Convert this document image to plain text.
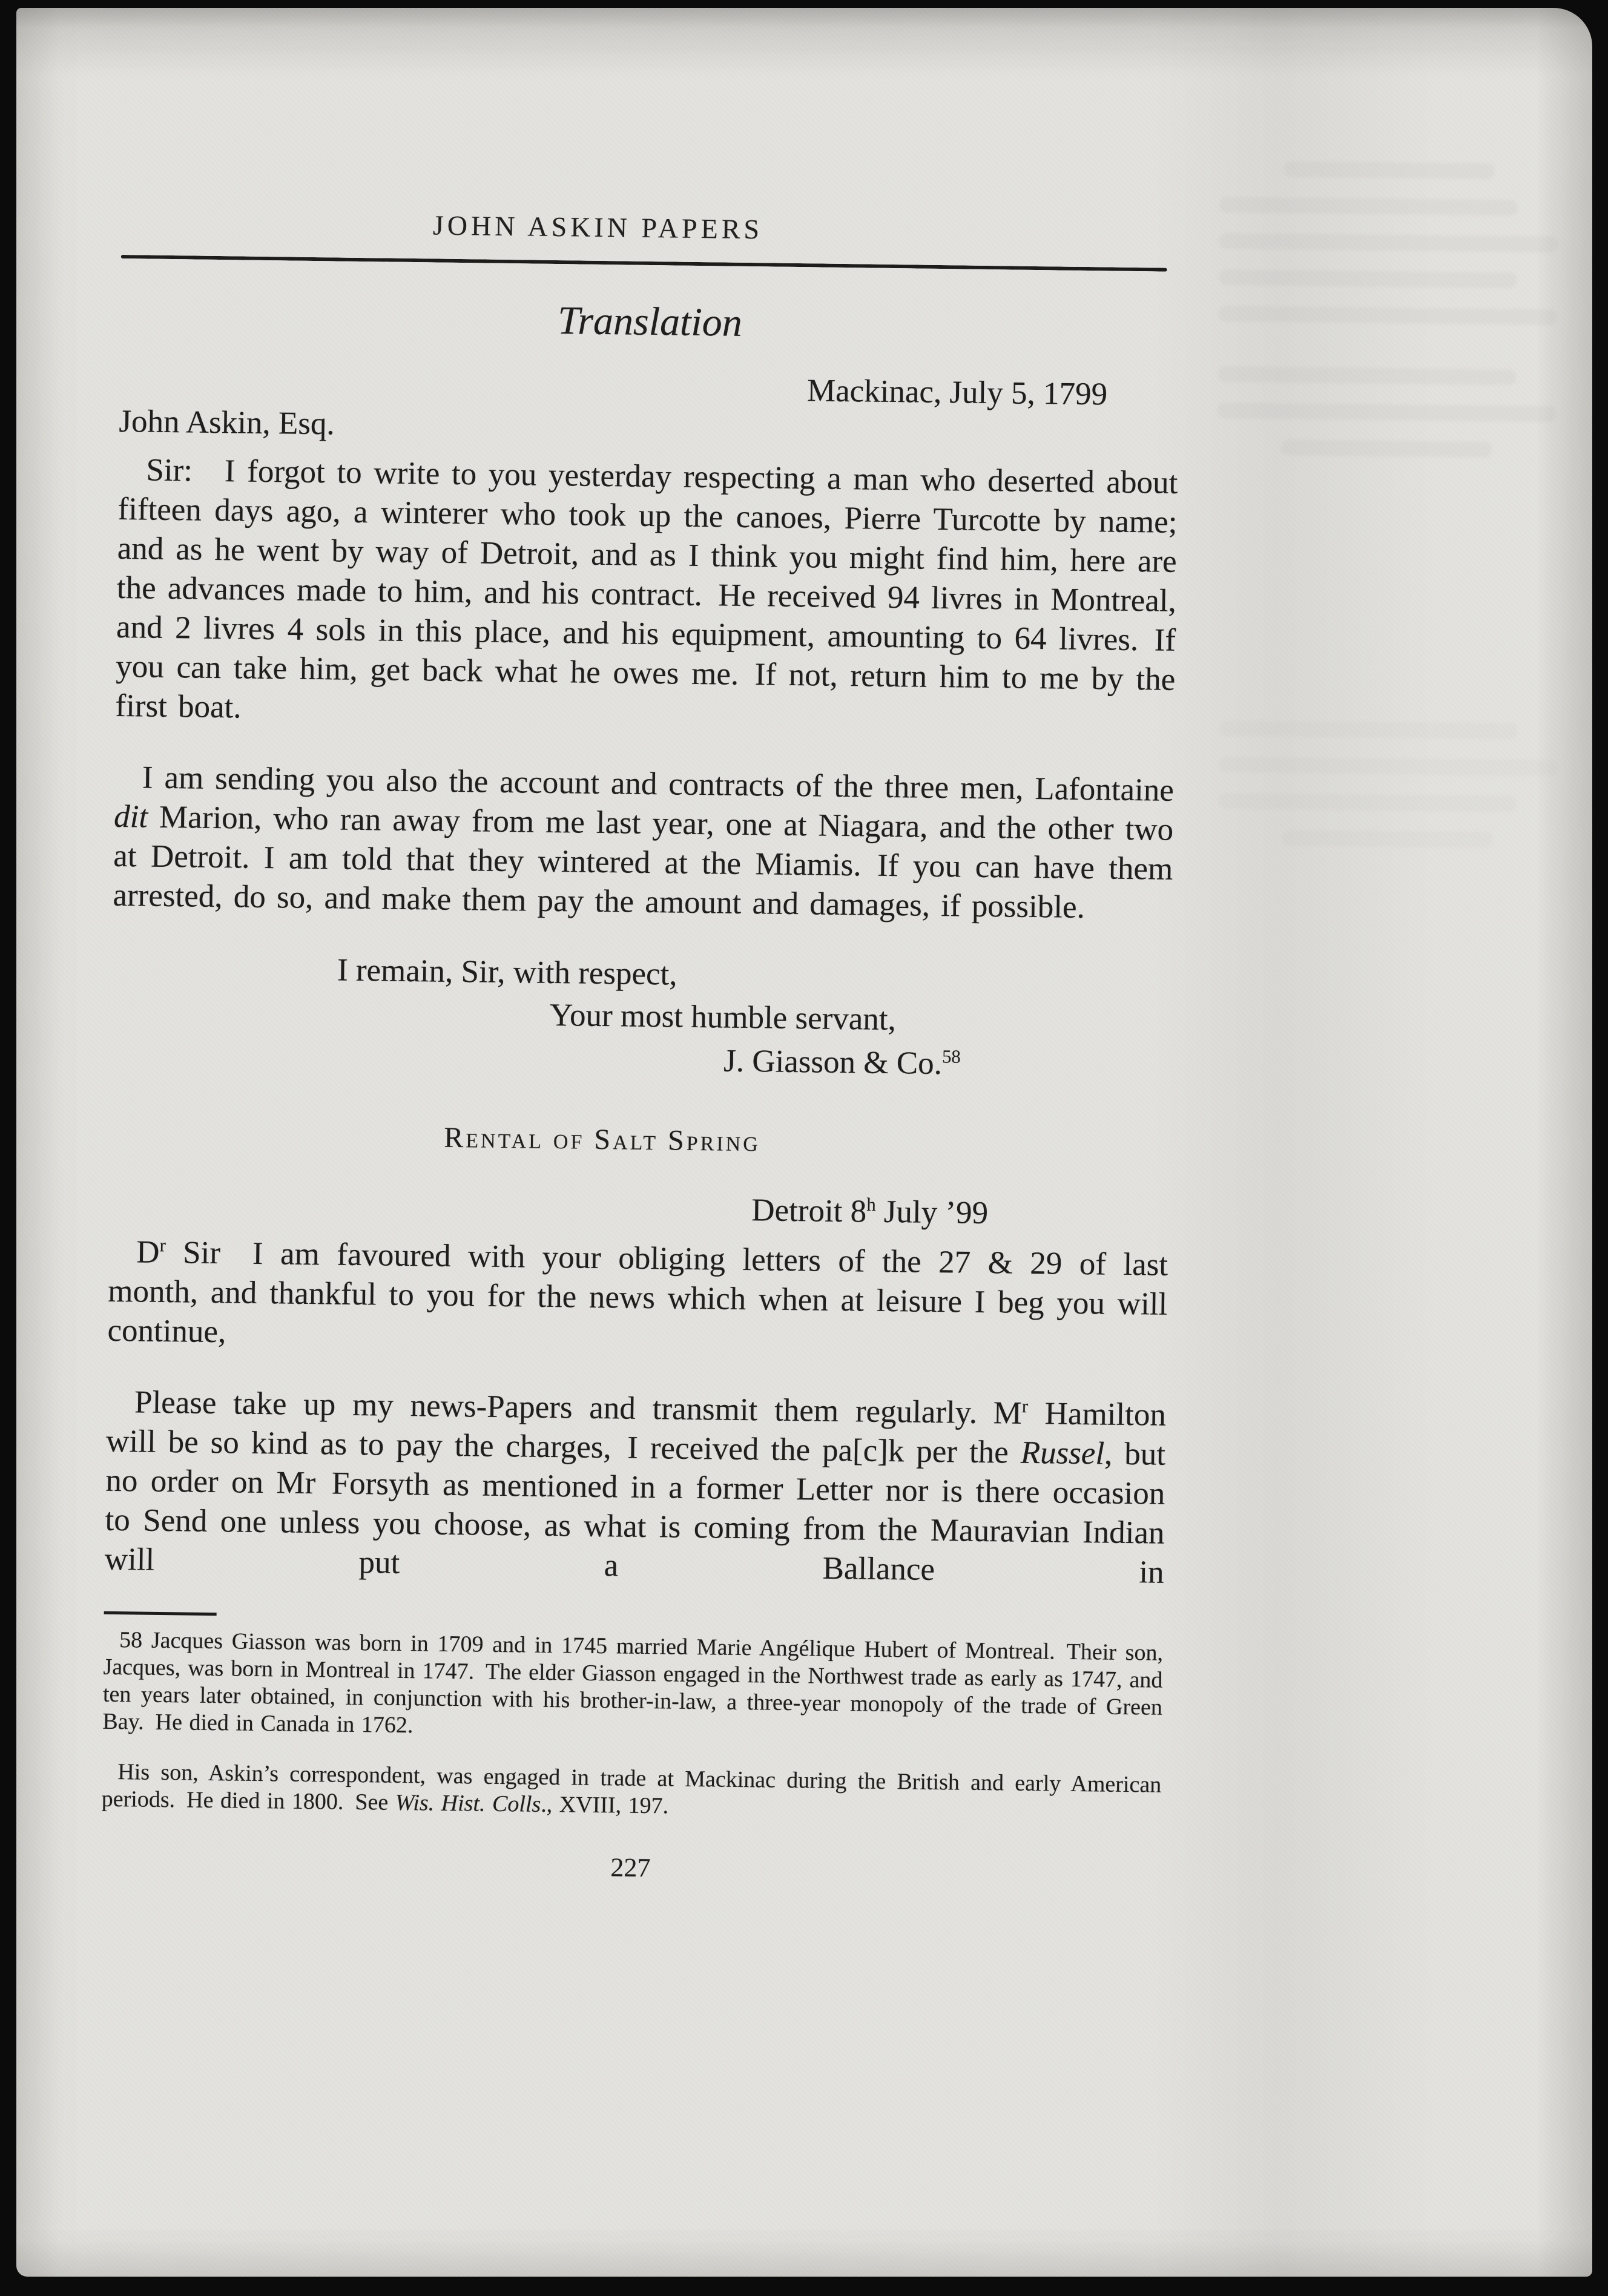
JOHN ASKIN PAPERS
Translation
Mackinac, July 5, 1799
John Askin, Esq.

Sir: I forgot to write to you yesterday respecting a man who deserted about fifteen days ago, a winterer who took up the canoes, Pierre Turcotte by name; and as he went by way of Detroit, and as I think you might find him, here are the advances made to him, and his contract. He received 94 livres in Montreal, and 2 livres 4 sols in this place, and his equipment, amounting to 64 livres. If you can take him, get back what he owes me. If not, return him to me by the first boat.

I am sending you also the account and contracts of the three men, Lafontaine dit Marion, who ran away from me last year, one at Niagara, and the other two at Detroit. I am told that they wintered at the Miamis. If you can have them arrested, do so, and make them pay the amount and damages, if possible.

I remain, Sir, with respect,
Your most humble servant,
J. Giasson & Co.$^{58}$
Rental of Salt Spring
Detroit 8$^h$ July ’99

$D^r$ Sir I am favoured with your obliging letters of the 27 & 29 of last month, and thankful to you for the news which when at leisure I beg you will continue,

Please take up my news-Papers and transmit them regularly. $M^r$ Hamilton will be so kind as to pay the charges, I received the pa[c]k per the Russel, but no order on Mr Forsyth as mentioned in a former Letter nor is there occasion to Send one unless you choose, as what is coming from the Mauravian Indian will put a Ballance in

58 Jacques Giasson was born in 1709 and in 1745 married Marie Angélique Hubert of Montreal. Their son, Jacques, was born in Montreal in 1747. The elder Giasson engaged in the Northwest trade as early as 1747, and ten years later obtained, in conjunction with his brother-in-law, a three-year monopoly of the trade of Green Bay. He died in Canada in 1762.

His son, Askin’s correspondent, was engaged in trade at Mackinac during the British and early American periods. He died in 1800. See Wis. Hist. Colls., XVIII, 197.

227
